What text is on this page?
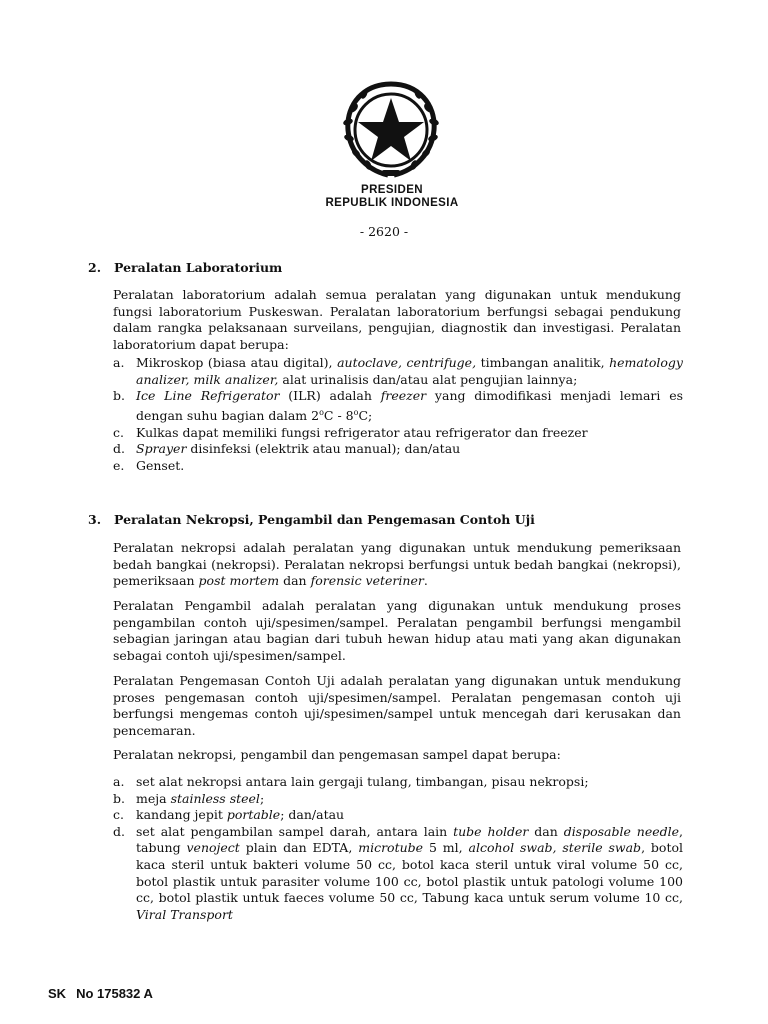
PRESIDEN
REPUBLIK INDONESIA
- 2620 -
2. Peralatan Laboratorium

Peralatan laboratorium adalah semua peralatan yang digunakan untuk mendukung fungsi laboratorium Puskeswan. Peralatan laboratorium berfungsi sebagai pendukung dalam rangka pelaksanaan surveilans, pengujian, diagnostik dan investigasi. Peralatan laboratorium dapat berupa:

a. Mikroskop (biasa atau digital), autoclave, centrifuge, timbangan analitik, hematology analizer, milk analizer, alat urinalisis dan/atau alat pengujian lainnya;
b. Ice Line Refrigerator (ILR) adalah freezer yang dimodifikasi menjadi lemari es dengan suhu bagian dalam 2$^o$C - 8$^o$C;
c. Kulkas dapat memiliki fungsi refrigerator atau refrigerator dan freezer
d. Sprayer disinfeksi (elektrik atau manual); dan/atau
e. Genset.
3. Peralatan Nekropsi, Pengambil dan Pengemasan Contoh Uji

Peralatan nekropsi adalah peralatan yang digunakan untuk mendukung pemeriksaan bedah bangkai (nekropsi). Peralatan nekropsi berfungsi untuk bedah bangkai (nekropsi), pemeriksaan post mortem dan forensic veteriner.

Peralatan Pengambil adalah peralatan yang digunakan untuk mendukung proses pengambilan contoh uji/spesimen/sampel. Peralatan pengambil berfungsi mengambil sebagian jaringan atau bagian dari tubuh hewan hidup atau mati yang akan digunakan sebagai contoh uji/spesimen/sampel.

Peralatan Pengemasan Contoh Uji adalah peralatan yang digunakan untuk mendukung proses pengemasan contoh uji/spesimen/sampel. Peralatan pengemasan contoh uji berfungsi mengemas contoh uji/spesimen/sampel untuk mencegah dari kerusakan dan pencemaran.

Peralatan nekropsi, pengambil dan pengemasan sampel dapat berupa:

a. set alat nekropsi antara lain gergaji tulang, timbangan, pisau nekropsi;
b. meja stainless steel;
c. kandang jepit portable; dan/atau
d. set alat pengambilan sampel darah, antara lain tube holder dan disposable needle, tabung venoject plain dan EDTA, microtube 5 ml, alcohol swab, sterile swab, botol kaca steril untuk bakteri volume 50 cc, botol kaca steril untuk viral volume 50 cc, botol plastik untuk parasiter volume 100 cc, botol plastik untuk patologi volume 100 cc, botol plastik untuk faeces volume 50 cc, Tabung kaca untuk serum volume 10 cc, Viral Transport
SK No 175832 A
